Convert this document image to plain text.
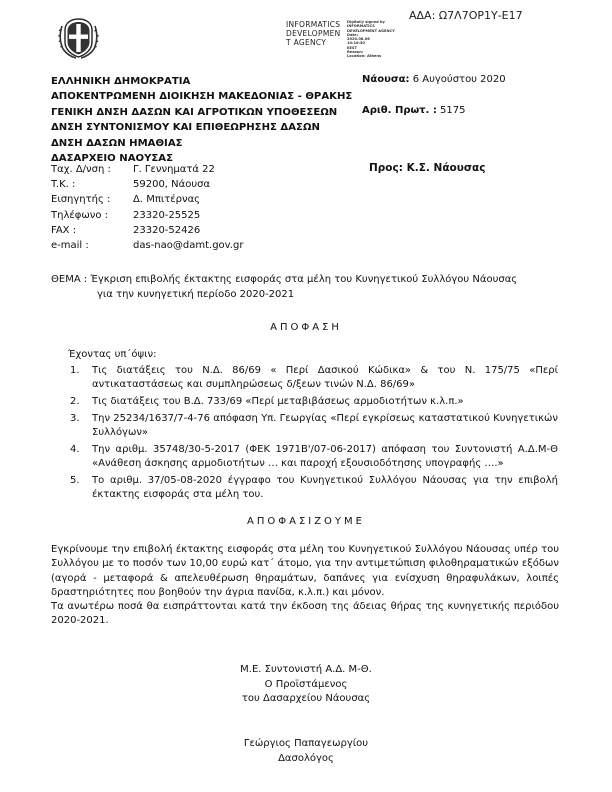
ΑΔΑ: Ω7Λ7ΟΡ1Υ-Ε17
INFORMATICS
DEVELOPMEN
T AGENCY
Digitally signed by
INFORMATICS
DEVELOPMENT AGENCY
Date:
2020.08.06
10:16:30
EEST
Reason:
Location: Athens
ΕΛΛΗΝΙΚΗ ΔΗΜΟΚΡΑΤΙΑ
ΑΠΟΚΕΝΤΡΩΜΕΝΗ ΔΙΟΙΚΗΣΗ ΜΑΚΕΔΟΝΙΑΣ - ΘΡΑΚΗΣ
ΓΕΝΙΚΗ ΔΝΣΗ ΔΑΣΩΝ ΚΑΙ ΑΓΡΟΤΙΚΩΝ ΥΠΟΘΕΣΕΩΝ
ΔΝΣΗ ΣΥΝΤΟΝΙΣΜΟΥ ΚΑΙ ΕΠΙΘΕΩΡΗΣΗΣ ΔΑΣΩΝ
ΔΝΣΗ ΔΑΣΩΝ ΗΜΑΘΙΑΣ
ΔΑΣΑΡΧΕΙΟ ΝΑΟΥΣΑΣ
Νάουσα: 6 Αυγούστου 2020
Αριθ. Πρωτ. : 5175
Ταχ. Δ/νση :	Γ. Γεννηματά 22
T.K. :	59200, Νάουσα
Εισηγητής :	Δ. Μπιτέρνας
Τηλέφωνο :	23320-25525
FAX :	23320-52426
e-mail :	das-nao@damt.gov.gr
Προς: Κ.Σ. Νάουσας
ΘΕΜΑ : Έγκριση επιβολής έκτακτης εισφοράς στα μέλη του Κυνηγετικού Συλλόγου Νάουσας
για την κυνηγετική περίοδο 2020-2021
ΑΠΟΦΑΣΗ
Έχοντας υπ΄όψιν:
1.	Τις διατάξεις του Ν.Δ. 86/69 « Περί Δασικού Κώδικα» & του Ν. 175/75 «Περί αντικαταστάσεως και συμπληρώσεως δ/ξεων τινών Ν.Δ. 86/69»
2.	Τις διατάξεις του Β.Δ. 733/69 «Περί μεταβιβάσεως αρμοδιοτήτων κ.λ.π.»
3.	Την 25234/1637/7-4-76 απόφαση Υπ. Γεωργίας «Περί εγκρίσεως καταστατικού Κυνηγετικών Συλλόγων»
4.	Την αριθμ. 35748/30-5-2017 (ΦΕΚ 1971Β'/07-06-2017) απόφαση του Συντονιστή Α.Δ.Μ-Θ «Ανάθεση άσκησης αρμοδιοτήτων … και παροχή εξουσιοδότησης υπογραφής ….»
5.	Το αριθμ. 37/05-08-2020 έγγραφο του Κυνηγετικού Συλλόγου Νάουσας για την επιβολή έκτακτης εισφοράς στα μέλη του.
ΑΠΟΦΑΣΙΖΟΥΜΕ

Εγκρίνουμε την επιβολή έκτακτης εισφοράς στα μέλη του Κυνηγετικού Συλλόγου Νάουσας υπέρ του Συλλόγου με το ποσόν των 10,00 ευρώ κατ΄ άτομο, για την αντιμετώπιση φιλοθηραματικών εξόδων (αγορά - μεταφορά & απελευθέρωση θηραμάτων, δαπάνες για ενίσχυση θηραφυλάκων, λοιπές δραστηριότητες που βοηθούν την άγρια πανίδα, κ.λ.π.) και μόνον.

Τα ανωτέρω ποσά θα εισπράττονται κατά την έκδοση της άδειας θήρας της κυνηγετικής περιόδου 2020-2021.

Μ.Ε. Συντονιστή Α.Δ. Μ-Θ.
Ο Προϊστάμενος
του Δασαρχείου Νάουσας
Γεώργιος Παπαγεωργίου
Δασολόγος
